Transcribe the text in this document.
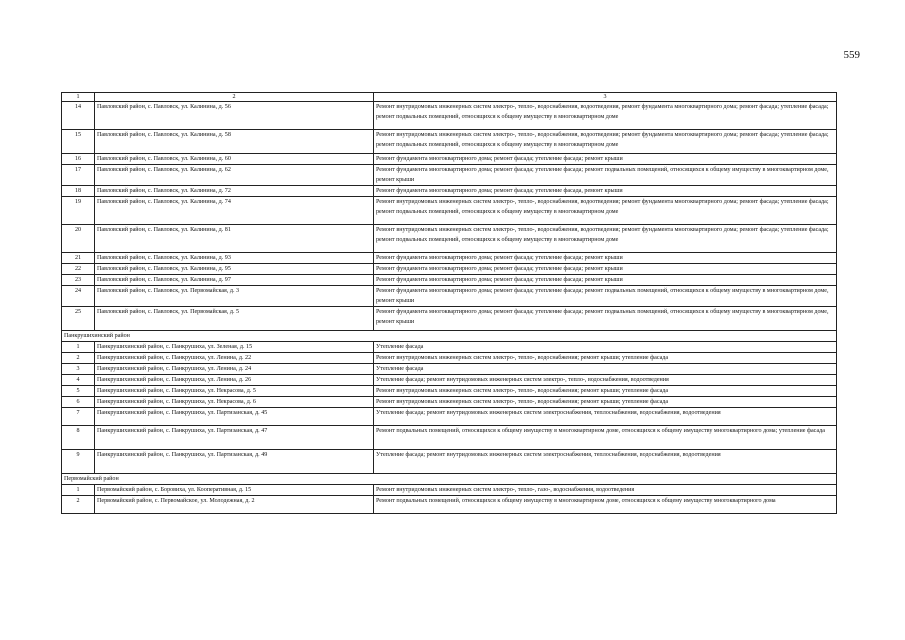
559
1	2	3
14	Павловский район, с. Павловск, ул. Калинина, д. 56	Ремонт внутридомовых инженерных систем электро-, тепло-, водоснабжения, водоотведения, ремонт фундамента многоквартирного дома; ремонт фасада; утепление фасада; ремонт подвальных помещений, относящихся к общему имуществу в многоквартирном доме
15	Павловский район, с. Павловск, ул. Калинина, д. 58	Ремонт внутридомовых инженерных систем электро-, тепло-, водоснабжения, водоотведения; ремонт фундамента многоквартирного дома; ремонт фасада; утепление фасада; ремонт подвальных помещений, относящихся к общему имуществу в многоквартирном доме
16	Павловский район, с. Павловск, ул. Калинина, д. 60	Ремонт фундамента многоквартирного дома; ремонт фасада; утепление фасада; ремонт крыши
17	Павловский район, с. Павловск, ул. Калинина, д. 62	Ремонт фундамента многоквартирного дома; ремонт фасада; утепление фасада; ремонт подвальных помещений, относящихся к общему имуществу в многоквартирном доме, ремонт крыши
18	Павловский район, с. Павловск, ул. Калинина, д. 72	Ремонт фундамента многоквартирного дома; ремонт фасада; утепление фасада, ремонт крыши
19	Павловский район, с. Павловск, ул. Калинина, д. 74	Ремонт внутридомовых инженерных систем электро-, тепло-, водоснабжения, водоотведения; ремонт фундамента многоквартирного дома; ремонт фасада; утепление фасада; ремонт подвальных помещений, относящихся к общему имуществу в многоквартирном доме
20	Павловский район, с. Павловск, ул. Калинина, д. 81	Ремонт внутридомовых инженерных систем электро-, тепло-, водоснабжения, водоотведения; ремонт фундамента многоквартирного дома; ремонт фасада; утепление фасада; ремонт подвальных помещений, относящихся к общему имуществу в многоквартирном доме
21	Павловский район, с. Павловск, ул. Калинина, д. 93	Ремонт фундамента многоквартирного дома; ремонт фасада; утепление фасада; ремонт крыши
22	Павловский район, с. Павловск, ул. Калинина, д. 95	Ремонт фундамента многоквартирного дома; ремонт фасада; утепление фасада; ремонт крыши
23	Павловский район, с. Павловск, ул. Калинина, д. 97	Ремонт фундамента многоквартирного дома; ремонт фасада; утепление фасада; ремонт крыши
24	Павловский район, с. Павловск, ул. Первомайская, д. 3	Ремонт фундамента многоквартирного дома; ремонт фасада; утепление фасада; ремонт подвальных помещений, относящихся к общему имуществу в многоквартирном доме, ремонт крыши
25	Павловский район, с. Павловск, ул. Первомайская, д. 5	Ремонт фундамента многоквартирного дома; ремонт фасада; утепление фасада; ремонт подвальных помещений, относящихся к общему имуществу в многоквартирном доме, ремонт крыши
Панкрушихинский район		
1	Панкрушихинский район, с. Панкрушиха, ул. Зеленая, д. 15	Утепление фасада
2	Панкрушихинский район, с. Панкрушиха, ул. Ленина, д. 22	Ремонт внутридомовых инженерных систем электро-, тепло-, водоснабжения; ремонт крыши; утепление фасада
3	Панкрушихинский район, с. Панкрушиха, ул. Ленина, д. 24	Утепление фасада
4	Панкрушихинский район, с. Панкрушиха, ул. Ленина, д. 26	Утепление фасада; ремонт внутридомовых инженерных систем электро-, тепло-, водоснабжения, водоотведения
5	Панкрушихинский район, с. Панкрушиха, ул. Некрасова, д. 5	Ремонт внутридомовых инженерных систем электро-, тепло-, водоснабжения; ремонт крыши; утепление фасада
6	Панкрушихинский район, с. Панкрушиха, ул. Некрасова, д. 6	Ремонт внутридомовых инженерных систем электро-, тепло-, водоснабжения; ремонт крыши; утепление фасада
7	Панкрушихинский район, с. Панкрушиха, ул. Партизанская, д. 45	Утепление фасада; ремонт внутридомовых инженерных систем электроснабжения, теплоснабжения, водоснабжения, водоотведения
8	Панкрушихинский район, с. Панкрушиха, ул. Партизанская, д. 47	Ремонт подвальных помещений, относящихся к общему имуществу в многоквартирном доме, относящихся к общему имуществу многоквартирного дома; утепление фасада
9	Панкрушихинский район, с. Панкрушиха, ул. Партизанская, д. 49	Утепление фасада; ремонт внутридомовых инженерных систем электроснабжения, теплоснабжения, водоснабжения, водоотведения
Первомайский район		
1	Первомайский район, с. Боровиха, ул. Кооперативная, д. 15	Ремонт внутридомовых инженерных систем электро-, тепло-, газо-, водоснабжения, водоотведения
2	Первомайский район, с. Первомайское, ул. Молодежная, д. 2	Ремонт подвальных помещений, относящихся к общему имуществу в многоквартирном доме, относящихся к общему имуществу многоквартирного дома
